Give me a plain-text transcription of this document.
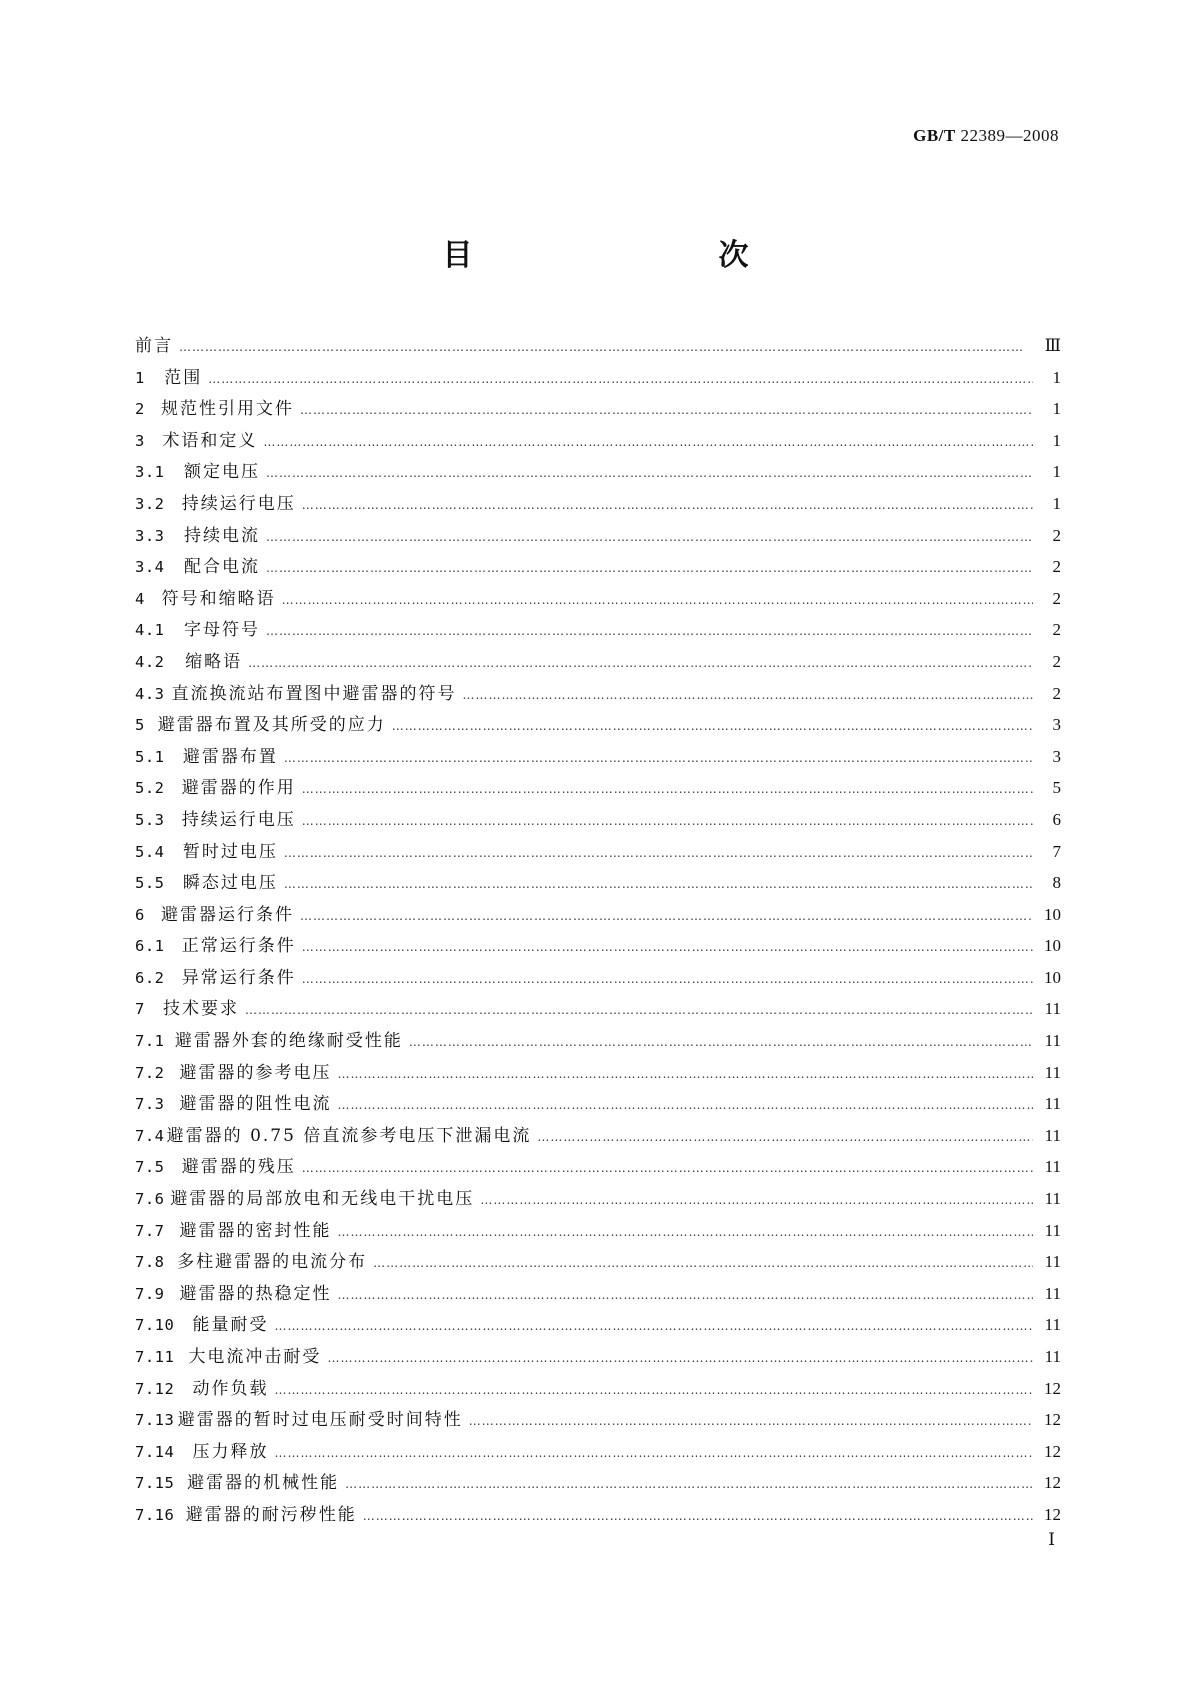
GB/T 22389—2008
目　　次
前言 ……………………………………………………………………………………………………………………………………………………………………………	Ⅲ
1	范围 ……………………………………………………………………………………………………………………………………………………………………………	1
2 规范性引用文件 ……………………………………………………………………………………………………………………………………………………………………………	1
3	术语和定义 ……………………………………………………………………………………………………………………………………………………………………………	1
3.1	额定电压 ……………………………………………………………………………………………………………………………………………………………………………	1
3.2	持续运行电压 ……………………………………………………………………………………………………………………………………………………………………………	1
3.3	持续电流 ……………………………………………………………………………………………………………………………………………………………………………	2
3.4	配合电流 ……………………………………………………………………………………………………………………………………………………………………………	2
4 符号和缩略语 ……………………………………………………………………………………………………………………………………………………………………………	2
4.1	字母符号 ……………………………………………………………………………………………………………………………………………………………………………	2
4.2	缩略语 ……………………………………………………………………………………………………………………………………………………………………………	2
4.3 直流换流站布置图中避雷器的符号 ……………………………………………………………………………………………………………………………………………………………………………	2
5 避雷器布置及其所受的应力 ……………………………………………………………………………………………………………………………………………………………………………	3
5.1	避雷器布置 ……………………………………………………………………………………………………………………………………………………………………………	3
5.2	避雷器的作用 ……………………………………………………………………………………………………………………………………………………………………………	5
5.3	持续运行电压 ……………………………………………………………………………………………………………………………………………………………………………	6
5.4	暂时过电压 ……………………………………………………………………………………………………………………………………………………………………………	7
5.5	瞬态过电压 ……………………………………………………………………………………………………………………………………………………………………………	8
6 避雷器运行条件 ……………………………………………………………………………………………………………………………………………………………………………	10
6.1	正常运行条件 ……………………………………………………………………………………………………………………………………………………………………………	10
6.2	异常运行条件 ……………………………………………………………………………………………………………………………………………………………………………	10
7	技术要求 ……………………………………………………………………………………………………………………………………………………………………………	11
7.1 避雷器外套的绝缘耐受性能 ……………………………………………………………………………………………………………………………………………………………………………	11
7.2 避雷器的参考电压 ……………………………………………………………………………………………………………………………………………………………………………	11
7.3 避雷器的阻性电流 ……………………………………………………………………………………………………………………………………………………………………………	11
7.4 避雷器的 0.75 倍直流参考电压下泄漏电流 ……………………………………………………………………………………………………………………………………………………………………………	11
7.5	避雷器的残压 ……………………………………………………………………………………………………………………………………………………………………………	11
7.6 避雷器的局部放电和无线电干扰电压 ……………………………………………………………………………………………………………………………………………………………………………	11
7.7 避雷器的密封性能 ……………………………………………………………………………………………………………………………………………………………………………	11
7.8 多柱避雷器的电流分布 ……………………………………………………………………………………………………………………………………………………………………………	11
7.9 避雷器的热稳定性 ……………………………………………………………………………………………………………………………………………………………………………	11
7.10	能量耐受 ……………………………………………………………………………………………………………………………………………………………………………	11
7.11 大电流冲击耐受 ……………………………………………………………………………………………………………………………………………………………………………	11
7.12	动作负载 ……………………………………………………………………………………………………………………………………………………………………………	12
7.13 避雷器的暂时过电压耐受时间特性 ……………………………………………………………………………………………………………………………………………………………………………	12
7.14	压力释放 ……………………………………………………………………………………………………………………………………………………………………………	12
7.15 避雷器的机械性能 ……………………………………………………………………………………………………………………………………………………………………………	12
7.16 避雷器的耐污秽性能 ……………………………………………………………………………………………………………………………………………………………………………	12
Ⅰ
